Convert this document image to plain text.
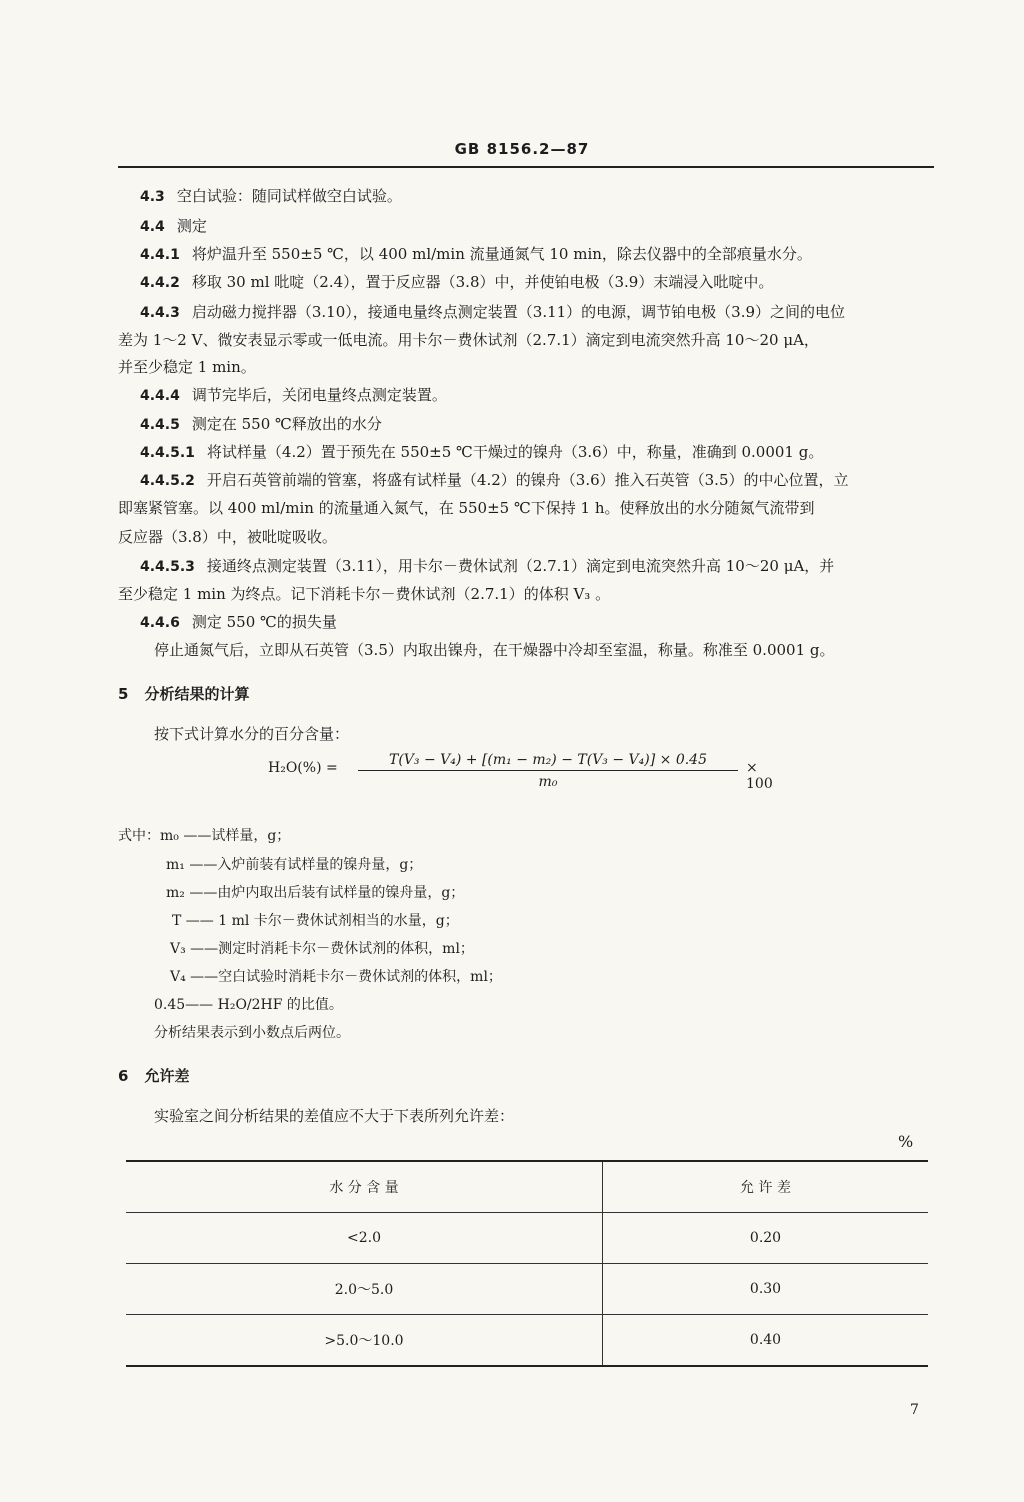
GB 8156.2—87
4.3 空白试验：随同试样做空白试验。
4.4 测定
4.4.1 将炉温升至 550±5 ℃，以 400 ml/min 流量通氮气 10 min，除去仪器中的全部痕量水分。
4.4.2 移取 30 ml 吡啶（2.4），置于反应器（3.8）中，并使铂电极（3.9）末端浸入吡啶中。
4.4.3 启动磁力搅拌器（3.10），接通电量终点测定装置（3.11）的电源，调节铂电极（3.9）之间的电位
差为 1～2 V、微安表显示零或一低电流。用卡尔－费休试剂（2.7.1）滴定到电流突然升高 10～20 μA，
并至少稳定 1 min。
4.4.4 调节完毕后，关闭电量终点测定装置。
4.4.5 测定在 550 ℃释放出的水分
4.4.5.1 将试样量（4.2）置于预先在 550±5 ℃干燥过的镍舟（3.6）中，称量，准确到 0.0001 g。
4.4.5.2 开启石英管前端的管塞，将盛有试样量（4.2）的镍舟（3.6）推入石英管（3.5）的中心位置，立
即塞紧管塞。以 400 ml/min 的流量通入氮气，在 550±5 ℃下保持 1 h。使释放出的水分随氮气流带到
反应器（3.8）中，被吡啶吸收。
4.4.5.3 接通终点测定装置（3.11），用卡尔－费休试剂（2.7.1）滴定到电流突然升高 10～20 μA，并
至少稳定 1 min 为终点。记下消耗卡尔－费休试剂（2.7.1）的体积 V₃ 。
4.4.6 测定 550 ℃的损失量
停止通氮气后，立即从石英管（3.5）内取出镍舟，在干燥器中冷却至室温，称量。称准至 0.0001 g。
5 分析结果的计算
按下式计算水分的百分含量：
H₂O(%) =	T(V₃ − V₄) + [(m₁ − m₂) − T(V₃ − V₄)] × 0.45
m₀
× 100
式中：m₀ ——试样量，g；
m₁ ——入炉前装有试样量的镍舟量，g；
m₂ ——由炉内取出后装有试样量的镍舟量，g；
T —— 1 ml 卡尔－费休试剂相当的水量，g；
V₃ ——测定时消耗卡尔－费休试剂的体积，ml；
V₄ ——空白试验时消耗卡尔－费休试剂的体积，ml；
0.45—— H₂O/2HF 的比值。
分析结果表示到小数点后两位。
6 允许差
实验室之间分析结果的差值应不大于下表所列允许差：
%
水 分 含 量	允 许 差
<2.0	0.20
2.0～5.0	0.30
>5.0～10.0	0.40
7
